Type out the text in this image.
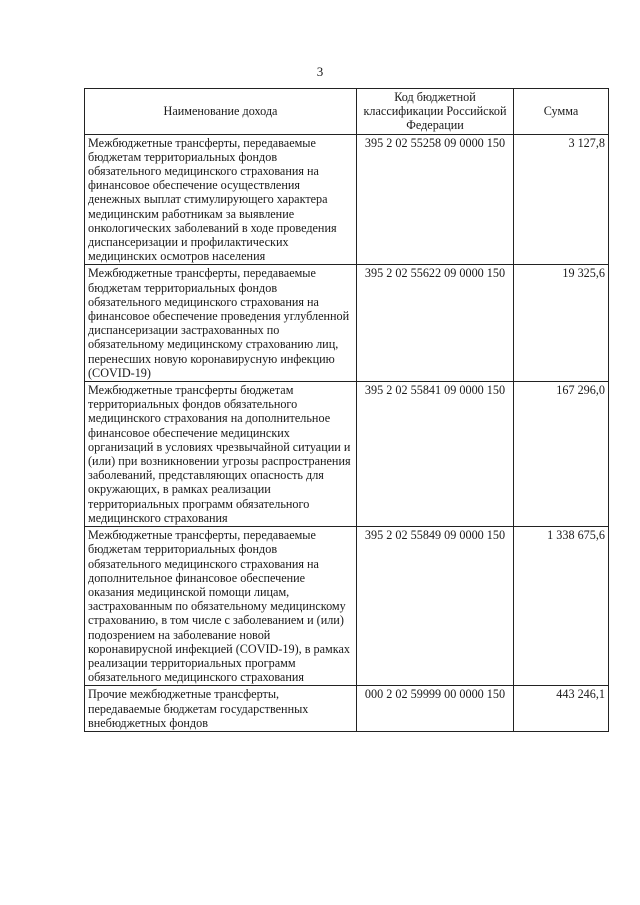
3
Наименование дохода	Код бюджетной классификации Российской Федерации	Сумма
Межбюджетные трансферты, передаваемые бюджетам территориальных фондов обязательного медицинского страхования на финансовое обеспечение осуществления денежных выплат стимулирующего характера медицинским работникам за выявление онкологических заболеваний в ходе проведения диспансеризации и профилактических медицинских осмотров населения	395 2 02 55258 09 0000 150	3 127,8
Межбюджетные трансферты, передаваемые бюджетам территориальных фондов обязательного медицинского страхования на финансовое обеспечение проведения углубленной диспансеризации застрахованных по обязательному медицинскому страхованию лиц, перенесших новую коронавирусную инфекцию (COVID-19)	395 2 02 55622 09 0000 150	19 325,6
Межбюджетные трансферты бюджетам территориальных фондов обязательного медицинского страхования на дополнительное финансовое обеспечение медицинских организаций в условиях чрезвычайной ситуации и (или) при возникновении угрозы распространения заболеваний, представляющих опасность для окружающих, в рамках реализации территориальных программ обязательного медицинского страхования	395 2 02 55841 09 0000 150	167 296,0
Межбюджетные трансферты, передаваемые бюджетам территориальных фондов обязательного медицинского страхования на дополнительное финансовое обеспечение оказания медицинской помощи лицам, застрахованным по обязательному медицинскому страхованию, в том числе с заболеванием и (или) подозрением на заболевание новой коронавирусной инфекцией (COVID-19), в рамках реализации территориальных программ обязательного медицинского страхования	395 2 02 55849 09 0000 150	1 338 675,6
Прочие межбюджетные трансферты, передаваемые бюджетам государственных внебюджетных фондов	000 2 02 59999 00 0000 150	443 246,1
